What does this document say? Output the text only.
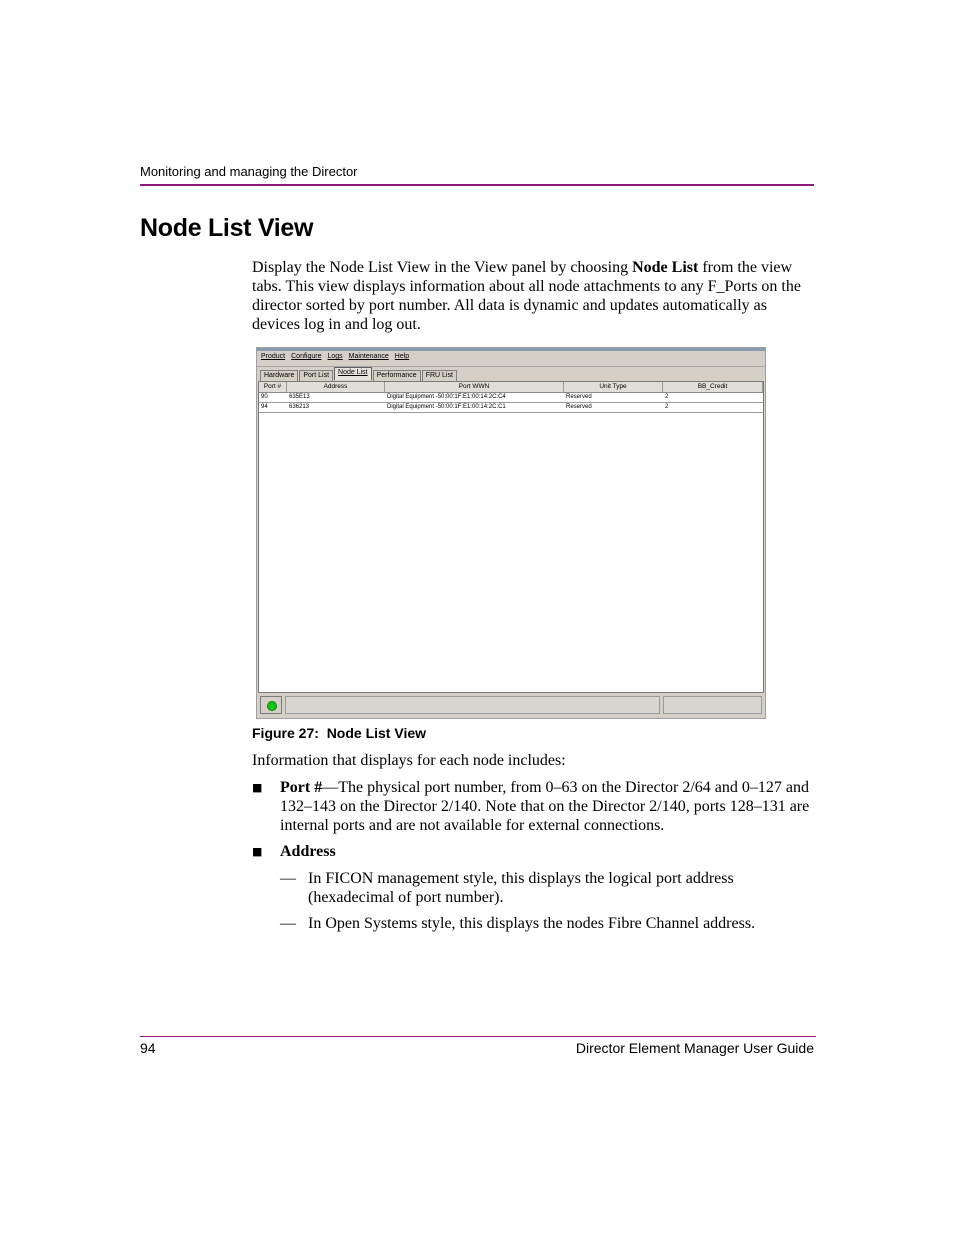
Monitoring and managing the Director
Node List View

Display the Node List View in the View panel by choosing Node List from the view tabs. This view displays information about all node attachments to any F_Ports on the director sorted by port number. All data is dynamic and updates automatically as devices log in and log out.

Product Configure Logs Maintenance Help
Hardware	Port List	Node List	Performance	FRU List
Port #	Address	Port WWN	Unit Type	BB_Credit
90	635E13	Digital Equipment -50:00:1F:E1:00:14:2C:C4	Reserved	2
94	636213	Digital Equipment -50:00:1F:E1:00:14:2C:C1	Reserved	2
Figure 27: Node List View

Information that displays for each node includes:

■ Port #—The physical port number, from 0–63 on the Director 2/64 and 0–127 and 132–143 on the Director 2/140. Note that on the Director 2/140, ports 128–131 are internal ports and are not available for external connections.
■ Address
— In FICON management style, this displays the logical port address (hexadecimal of port number).
— In Open Systems style, this displays the nodes Fibre Channel address.
94	Director Element Manager User Guide
